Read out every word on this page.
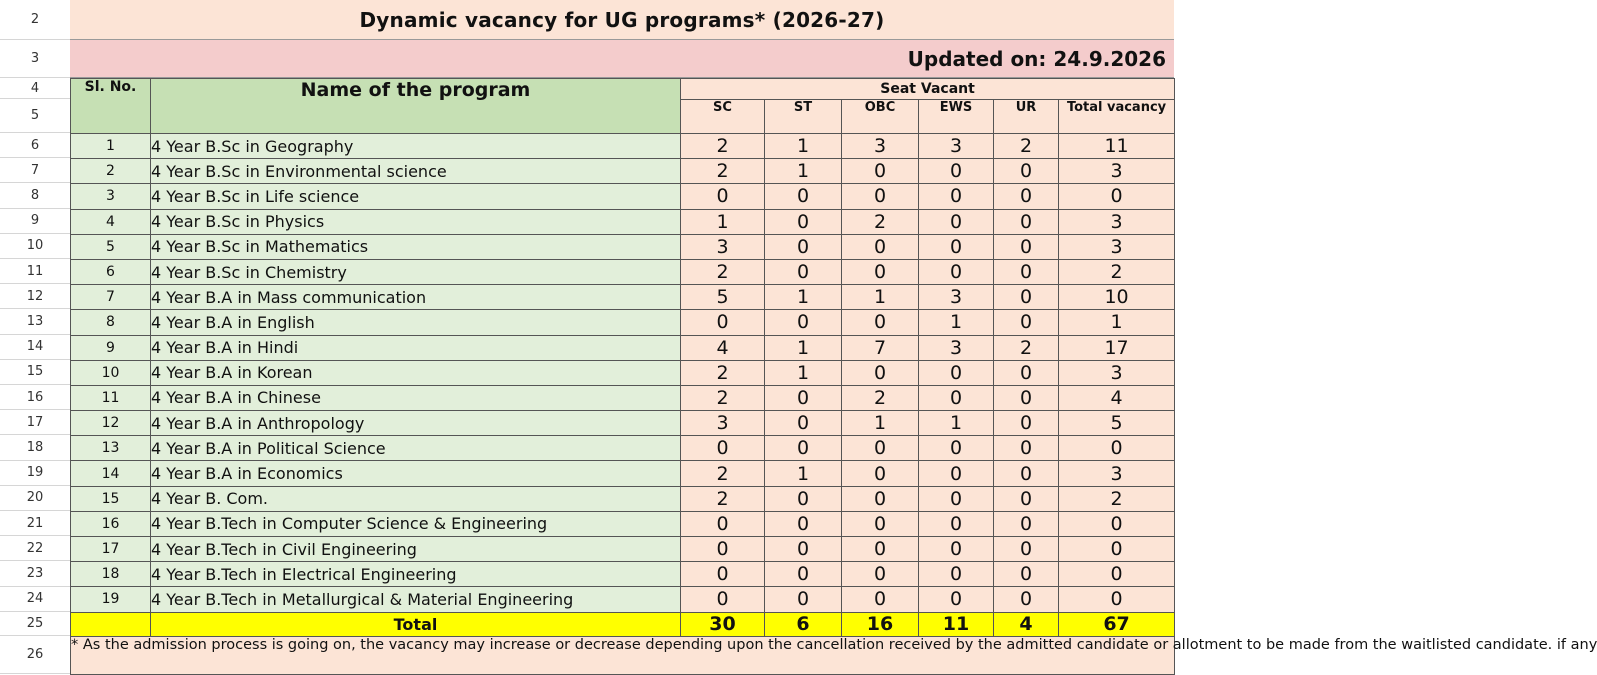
2
3
4
5
6
7
8
9
10
11
12
13
14
15
16
17
18
19
20
21
22
23
24
25
26
Dynamic vacancy for UG programs* (2026-27)
Updated on: 24.9.2026
Sl. No.	Name of the program	Seat Vacant					
		SC	ST	OBC	EWS	UR	Total vacancy
1	4 Year B.Sc in Geography	2	1	3	3	2	11
2	4 Year B.Sc in Environmental science	2	1	0	0	0	3
3	4 Year B.Sc in Life science	0	0	0	0	0	0
4	4 Year B.Sc in Physics	1	0	2	0	0	3
5	4 Year B.Sc in Mathematics	3	0	0	0	0	3
6	4 Year B.Sc in Chemistry	2	0	0	0	0	2
7	4 Year B.A in Mass communication	5	1	1	3	0	10
8	4 Year B.A in English	0	0	0	1	0	1
9	4 Year B.A in Hindi	4	1	7	3	2	17
10	4 Year B.A in Korean	2	1	0	0	0	3
11	4 Year B.A in Chinese	2	0	2	0	0	4
12	4 Year B.A in Anthropology	3	0	1	1	0	5
13	4 Year B.A in Political Science	0	0	0	0	0	0
14	4 Year B.A in Economics	2	1	0	0	0	3
15	4 Year B. Com.	2	0	0	0	0	2
16	4 Year B.Tech in Computer Science & Engineering	0	0	0	0	0	0
17	4 Year B.Tech in Civil Engineering	0	0	0	0	0	0
18	4 Year B.Tech in Electrical Engineering	0	0	0	0	0	0
19	4 Year B.Tech in Metallurgical & Material Engineering	0	0	0	0	0	0
	Total	30	6	16	11	4	67
* As the admission process is going on, the vacancy may increase or decrease depending upon the cancellation received by the admitted candidate or allotment to be made from the waitlisted candidate. if any							
